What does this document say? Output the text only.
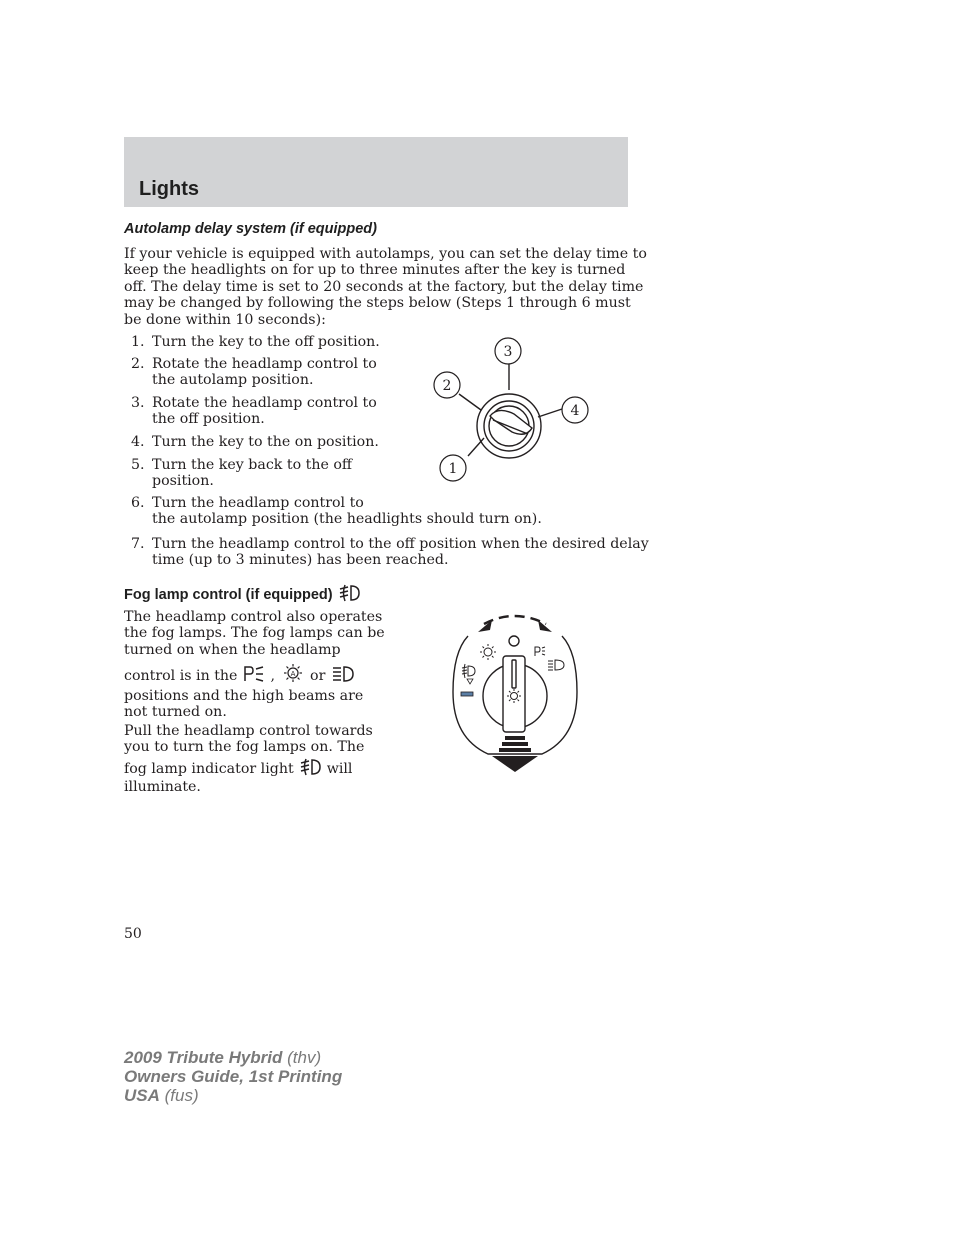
Lights
Autolamp delay system (if equipped)
If your vehicle is equipped with autolamps, you can set the delay time to
keep the headlights on for up to three minutes after the key is turned
off. The delay time is set to 20 seconds at the factory, but the delay time
may be changed by following the steps below (Steps 1 through 6 must
be done within 10 seconds):
1. Turn the key to the off position.
2. Rotate the headlamp control to
the autolamp position.
3. Rotate the headlamp control to
the off position.
4. Turn the key to the on position.
5. Turn the key back to the off
position.
6. Turn the headlamp control to
the autolamp position (the headlights should turn on).
7. Turn the headlamp control to the off position when the desired delay
time (up to 3 minutes) has been reached.
3
2
4
1
Fog lamp control (if equipped)
The headlamp control also operates
the fog lamps. The fog lamps can be
turned on when the headlamp
control is in the , A or
positions and the high beams are
not turned on.
Pull the headlamp control towards
you to turn the fog lamps on. The
fog lamp indicator light will
illuminate.
50
2009 Tribute Hybrid (thv)
Owners Guide, 1st Printing
USA (fus)
